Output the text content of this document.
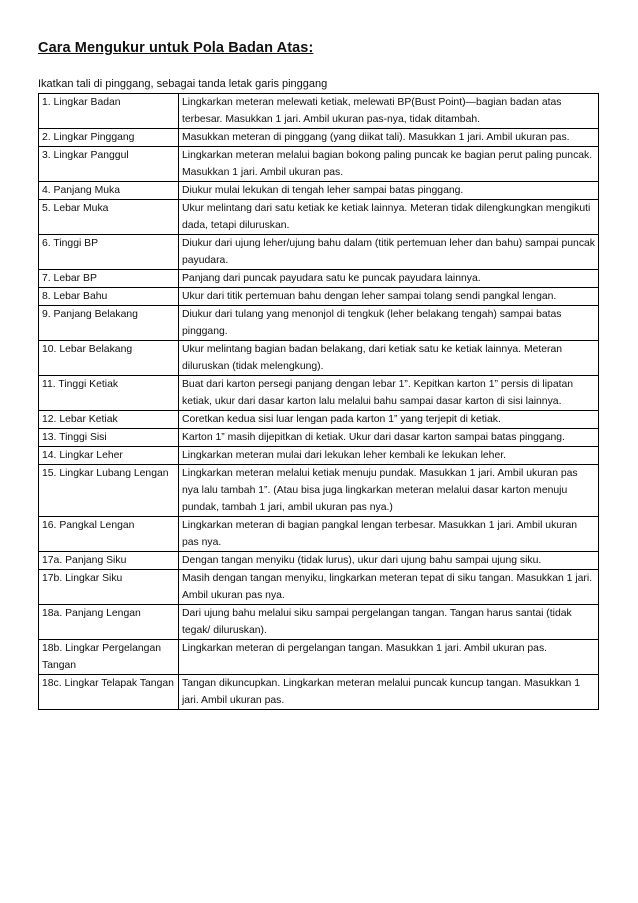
Cara Mengukur untuk Pola Badan Atas:
Ikatkan tali di pinggang, sebagai tanda letak garis pinggang
1. Lingkar Badan	Lingkarkan meteran melewati ketiak, melewati BP(Bust Point)—bagian badan atas terbesar. Masukkan 1 jari. Ambil ukuran pas-nya, tidak ditambah.
2. Lingkar Pinggang	Masukkan meteran di pinggang (yang diikat tali). Masukkan 1 jari. Ambil ukuran pas.
3. Lingkar Panggul	Lingkarkan meteran melalui bagian bokong paling puncak ke bagian perut paling puncak. Masukkan 1 jari. Ambil ukuran pas.
4. Panjang Muka	Diukur mulai lekukan di tengah leher sampai batas pinggang.
5. Lebar Muka	Ukur melintang dari satu ketiak ke ketiak lainnya. Meteran tidak dilengkungkan mengikuti dada, tetapi diluruskan.
6. Tinggi BP	Diukur dari ujung leher/ujung bahu dalam (titik pertemuan leher dan bahu) sampai puncak payudara.
7. Lebar BP	Panjang dari puncak payudara satu ke puncak payudara lainnya.
8. Lebar Bahu	Ukur dari titik pertemuan bahu dengan leher sampai tolang sendi pangkal lengan.
9. Panjang Belakang	Diukur dari tulang yang menonjol di tengkuk (leher belakang tengah) sampai batas pinggang.
10. Lebar Belakang	Ukur melintang bagian badan belakang, dari ketiak satu ke ketiak lainnya. Meteran diluruskan (tidak melengkung).
11. Tinggi Ketiak	Buat dari karton persegi panjang dengan lebar 1”. Kepitkan karton 1” persis di lipatan ketiak, ukur dari dasar karton lalu melalui bahu sampai dasar karton di sisi lainnya.
12. Lebar Ketiak	Coretkan kedua sisi luar lengan pada karton 1” yang terjepit di ketiak.
13. Tinggi Sisi	Karton 1” masih dijepitkan di ketiak. Ukur dari dasar karton sampai batas pinggang.
14. Lingkar Leher	Lingkarkan meteran mulai dari lekukan leher kembali ke lekukan leher.
15. Lingkar Lubang Lengan	Lingkarkan meteran melalui ketiak menuju pundak. Masukkan 1 jari. Ambil ukuran pas nya lalu tambah 1”. (Atau bisa juga lingkarkan meteran melalui dasar karton menuju pundak, tambah 1 jari, ambil ukuran pas nya.)
16. Pangkal Lengan	Lingkarkan meteran di bagian pangkal lengan terbesar. Masukkan 1 jari. Ambil ukuran pas nya.
17a. Panjang Siku	Dengan tangan menyiku (tidak lurus), ukur dari ujung bahu sampai ujung siku.
17b. Lingkar Siku	Masih dengan tangan menyiku, lingkarkan meteran tepat di siku tangan. Masukkan 1 jari. Ambil ukuran pas nya.
18a. Panjang Lengan	Dari ujung bahu melalui siku sampai pergelangan tangan. Tangan harus santai (tidak tegak/ diluruskan).
18b. Lingkar Pergelangan Tangan	Lingkarkan meteran di pergelangan tangan. Masukkan 1 jari. Ambil ukuran pas.
18c. Lingkar Telapak Tangan	Tangan dikuncupkan. Lingkarkan meteran melalui puncak kuncup tangan. Masukkan 1 jari. Ambil ukuran pas.
